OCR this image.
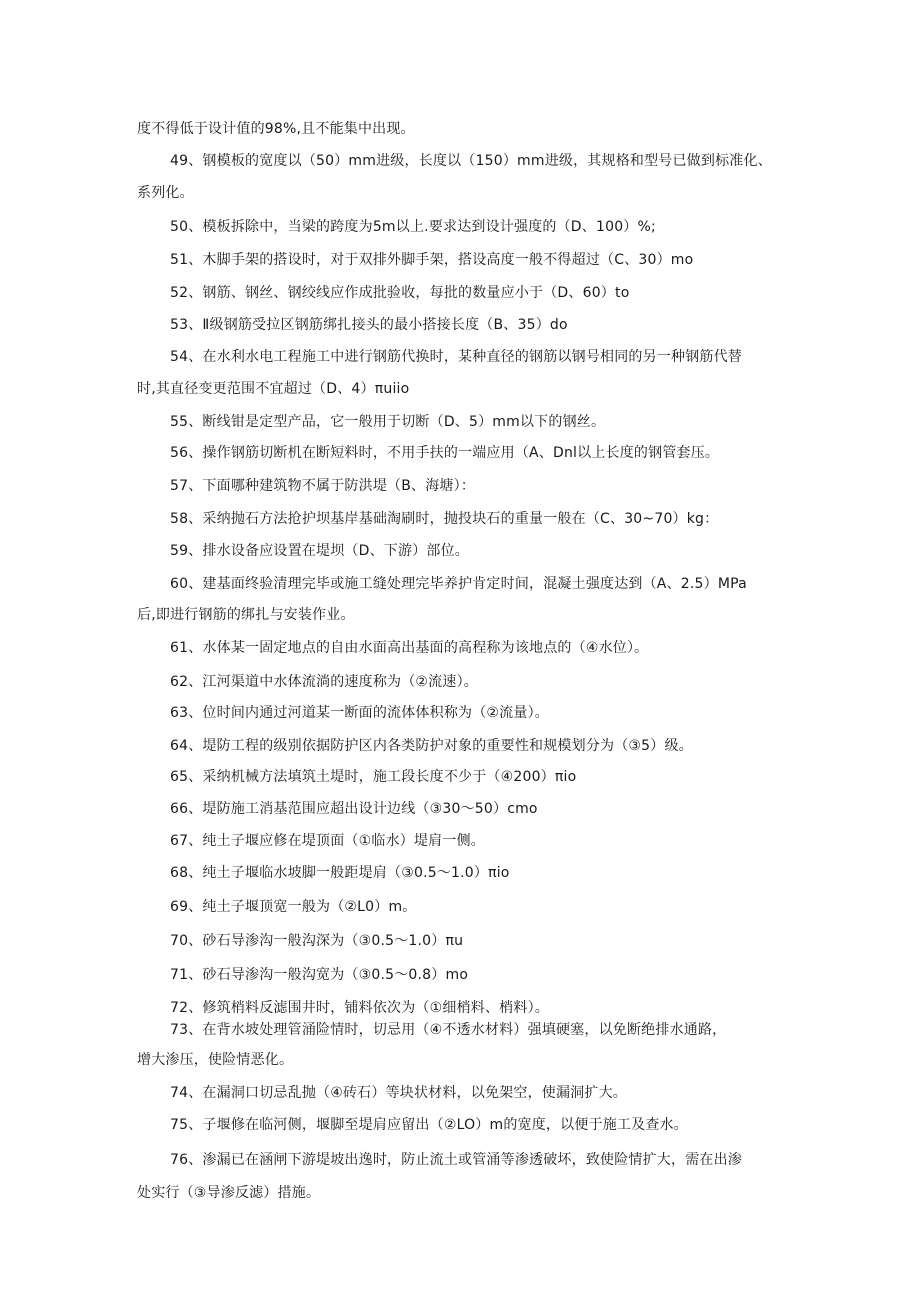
度不得低于设计值的98%,且不能集中出现。
49、钢模板的宽度以（50）mm进级，长度以（150）mm进级，其规格和型号已做到标准化、
系列化。
50、模板拆除中，当梁的跨度为5m以上.要求达到设计强度的（D、100）%;
51、木脚手架的搭设时，对于双排外脚手架，搭设高度一般不得超过（C、30）mo
52、钢筋、钢丝、钢绞线应作成批验收，每批的数量应小于（D、60）to
53、Ⅱ级钢筋受拉区钢筋绑扎接头的最小搭接长度（B、35）do
54、在水利水电工程施工中进行钢筋代换时，某种直径的钢筋以钢号相同的另一种钢筋代替
时,其直径变更范围不宜超过（D、4）πuiio
55、断线钳是定型产品，它一般用于切断（D、5）mm以下的钢丝。
56、操作钢筋切断机在断短料时，不用手扶的一端应用（A、Dnl以上长度的钢管套压。
57、下面哪种建筑物不属于防洪堤（B、海塘）：
58、采纳抛石方法抢护坝基岸基础淘刷时，抛投块石的重量一般在（C、30~70）kg：
59、排水设备应设置在堤坝（D、下游）部位。
60、建基面终验清理完毕或施工缝处理完毕养护肯定时间，混凝土强度达到（A、2.5）MPa
后,即进行钢筋的绑扎与安装作业。
61、水体某一固定地点的自由水面高出基面的高程称为该地点的（④水位）。
62、江河渠道中水体流淌的速度称为（②流速）。
63、位时间内通过河道某一断面的流体体积称为（②流量）。
64、堤防工程的级别依据防护区内各类防护对象的重要性和规模划分为（③5）级。
65、采纳机械方法填筑土堤时，施工段长度不少于（④200）πio
66、堤防施工消基范围应超出设计边线（③30～50）cmo
67、纯土子堰应修在堤顶面（①临水）堤肩一侧。
68、纯土子堰临水坡脚一般距堤肩（③0.5～1.0）πio
69、纯土子堰顶宽一般为（②L0）m。
70、砂石导渗沟一般沟深为（③0.5～1.0）πu
71、砂石导渗沟一般沟宽为（③0.5～0.8）mo
72、修筑梢料反滤围井时，铺料依次为（①细梢料、梢料）。
73、在背水坡处理管涌险情时，切忌用（④不透水材料）强填硬塞，以免断绝排水通路，
增大渗压，使险情恶化。
74、在漏洞口切忌乱抛（④砖石）等块状材料，以免架空，使漏洞扩大。
75、子堰修在临河侧，堰脚至堤肩应留出（②LO）m的宽度，以便于施工及查水。
76、渗漏已在涵闸下游堤坡出逸时，防止流土或管涌等渗透破坏，致使险情扩大，需在出渗
处实行（③导渗反滤）措施。
